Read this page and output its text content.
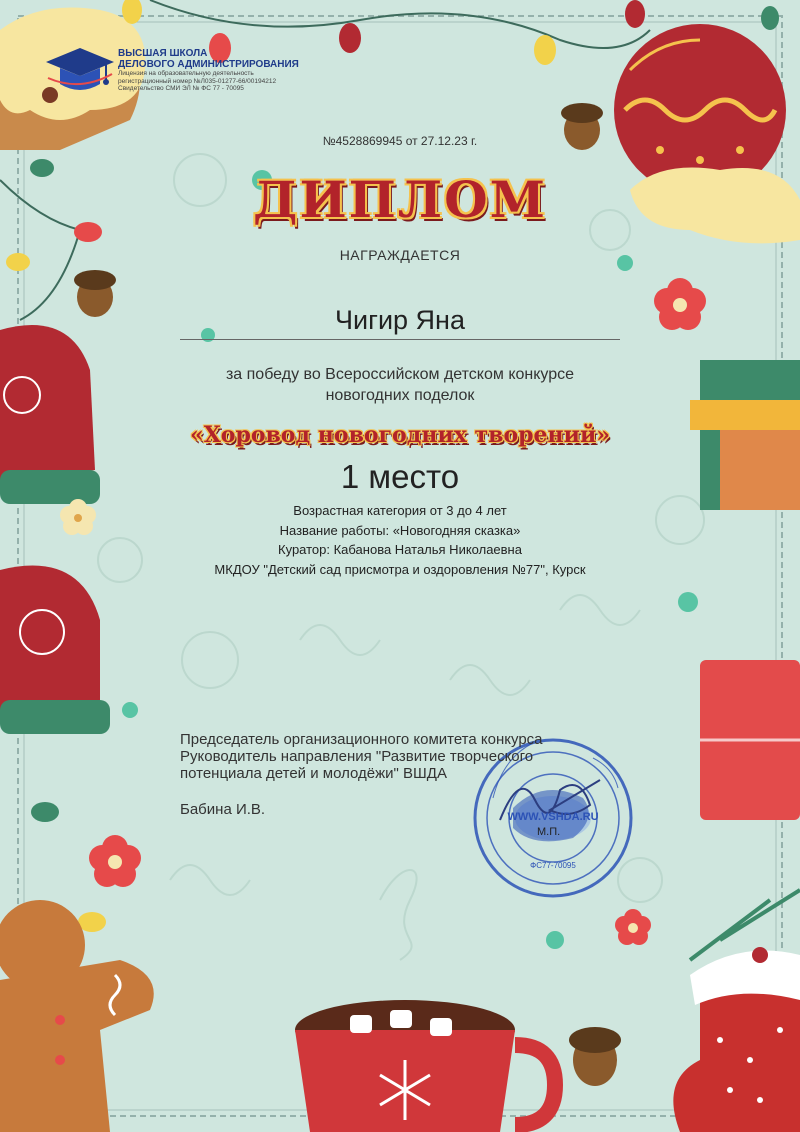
ВЫСШАЯ ШКОЛА
ДЕЛОВОГО АДМИНИСТРИРОВАНИЯ
Лицензия на образовательную деятельность
регистрационный номер №Л035-01277-66/00194212
Свидетельство СМИ ЭЛ № ФС 77 - 70095
№4528869945 от 27.12.23 г.
ДИПЛОМ
НАГРАЖДАЕТСЯ
Чигир Яна
за победу во Всероссийском детском конкурсе
новогодних поделок
«Хоровод новогодних творений»
1 место
Возрастная категория от 3 до 4 лет
Название работы: «Новогодняя сказка»
Куратор: Кабанова Наталья Николаевна
МКДОУ "Детский сад присмотра и оздоровления №77", Курск
Председатель организационного комитета конкурса
Руководитель направления "Развитие творческого
потенциала детей и молодёжи" ВШДА
Бабина И.В.	WWW.VSHDA.RU
ФС77-70095
М.П.
